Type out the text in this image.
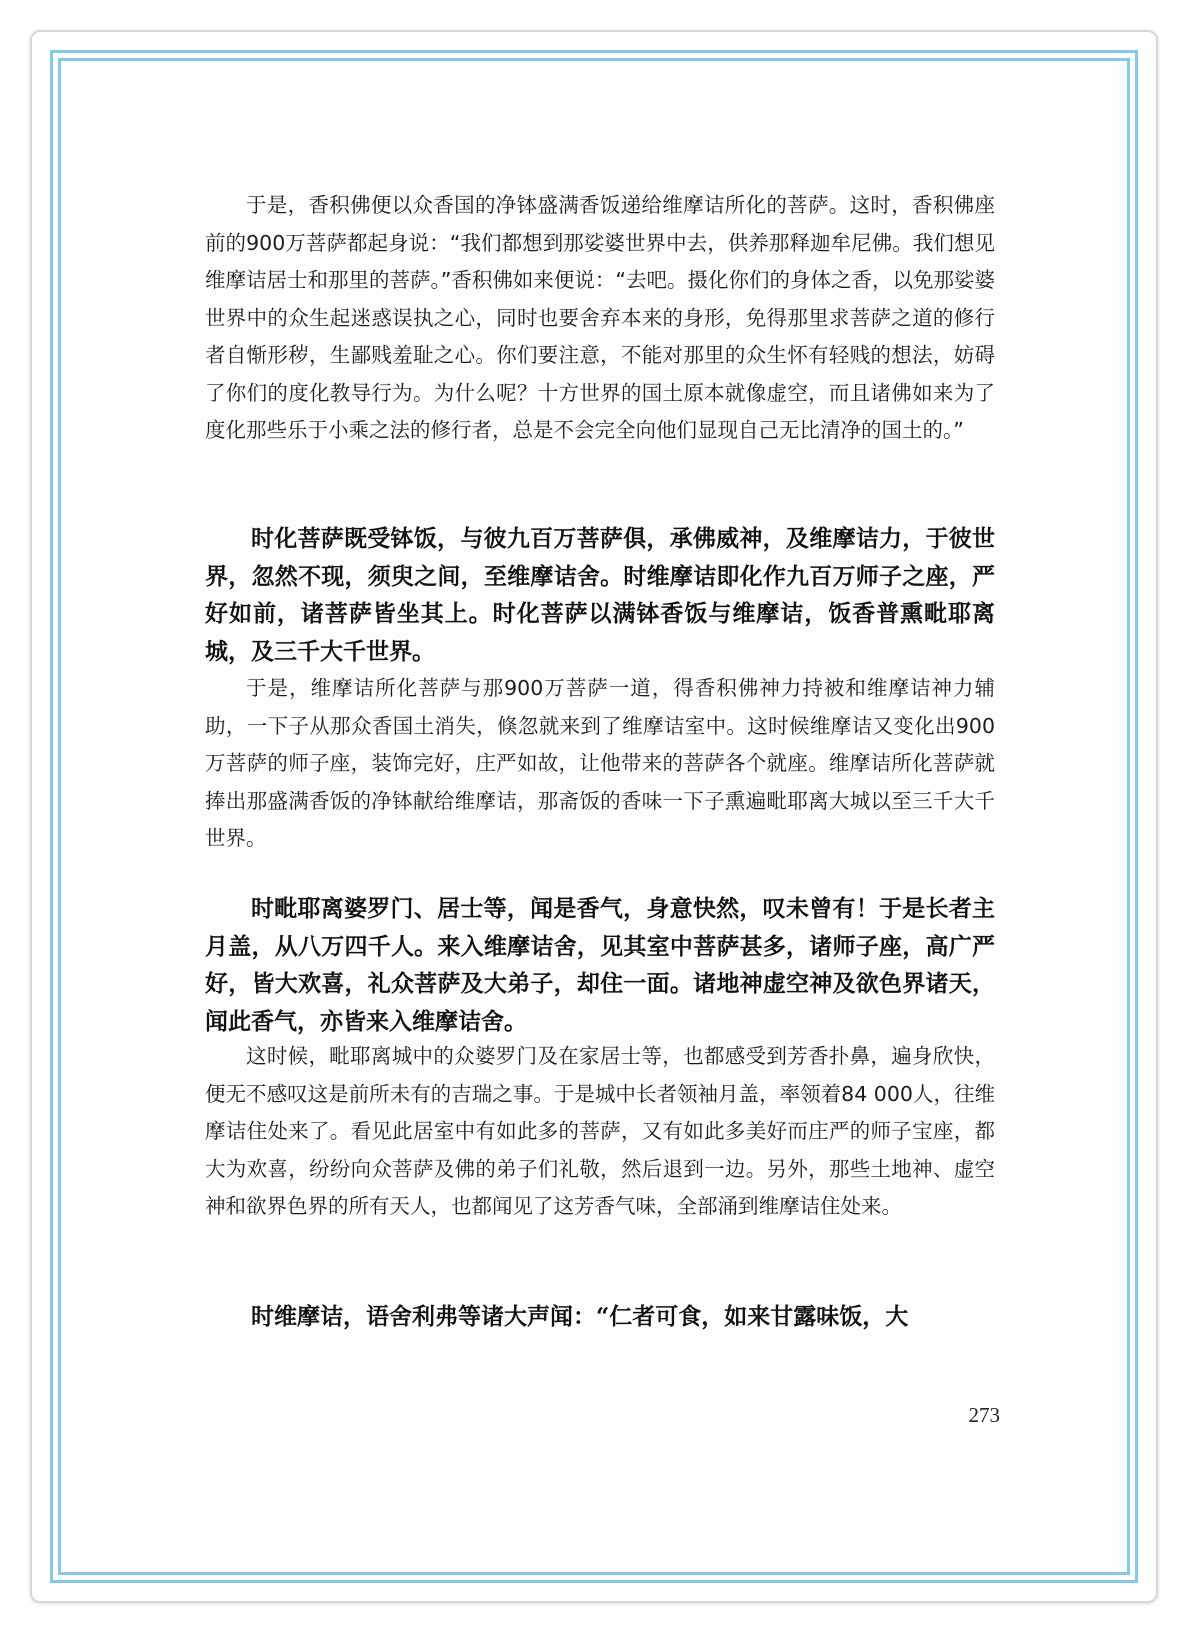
于是，香积佛便以众香国的净钵盛满香饭递给维摩诘所化的菩萨。这时，香积佛座前的900万菩萨都起身说：“我们都想到那娑婆世界中去，供养那释迦牟尼佛。我们想见维摩诘居士和那里的菩萨。”香积佛如来便说：“去吧。摄化你们的身体之香，以免那娑婆世界中的众生起迷惑误执之心，同时也要舍弃本来的身形，免得那里求菩萨之道的修行者自惭形秽，生鄙贱羞耻之心。你们要注意，不能对那里的众生怀有轻贱的想法，妨碍了你们的度化教导行为。为什么呢？十方世界的国土原本就像虚空，而且诸佛如来为了度化那些乐于小乘之法的修行者，总是不会完全向他们显现自己无比清净的国土的。”

时化菩萨既受钵饭，与彼九百万菩萨俱，承佛威神，及维摩诘力，于彼世界，忽然不现，须臾之间，至维摩诘舍。时维摩诘即化作九百万师子之座，严好如前，诸菩萨皆坐其上。时化菩萨以满钵香饭与维摩诘，饭香普熏毗耶离城，及三千大千世界。

于是，维摩诘所化菩萨与那900万菩萨一道，得香积佛神力持被和维摩诘神力辅助，一下子从那众香国土消失，倏忽就来到了维摩诘室中。这时候维摩诘又变化出900万菩萨的师子座，装饰完好，庄严如故，让他带来的菩萨各个就座。维摩诘所化菩萨就捧出那盛满香饭的净钵献给维摩诘，那斋饭的香味一下子熏遍毗耶离大城以至三千大千世界。

时毗耶离婆罗门、居士等，闻是香气，身意快然，叹未曾有！于是长者主月盖，从八万四千人。来入维摩诘舍，见其室中菩萨甚多，诸师子座，高广严好，皆大欢喜，礼众菩萨及大弟子，却住一面。诸地神虚空神及欲色界诸天，闻此香气，亦皆来入维摩诘舍。

这时候，毗耶离城中的众婆罗门及在家居士等，也都感受到芳香扑鼻，遍身欣快，便无不感叹这是前所未有的吉瑞之事。于是城中长者领袖月盖，率领着84 000人，往维摩诘住处来了。看见此居室中有如此多的菩萨，又有如此多美好而庄严的师子宝座，都大为欢喜，纷纷向众菩萨及佛的弟子们礼敬，然后退到一边。另外，那些土地神、虚空神和欲界色界的所有天人，也都闻见了这芳香气味，全部涌到维摩诘住处来。

时维摩诘，语舍利弗等诸大声闻：“仁者可食，如来甘露味饭，大

273
